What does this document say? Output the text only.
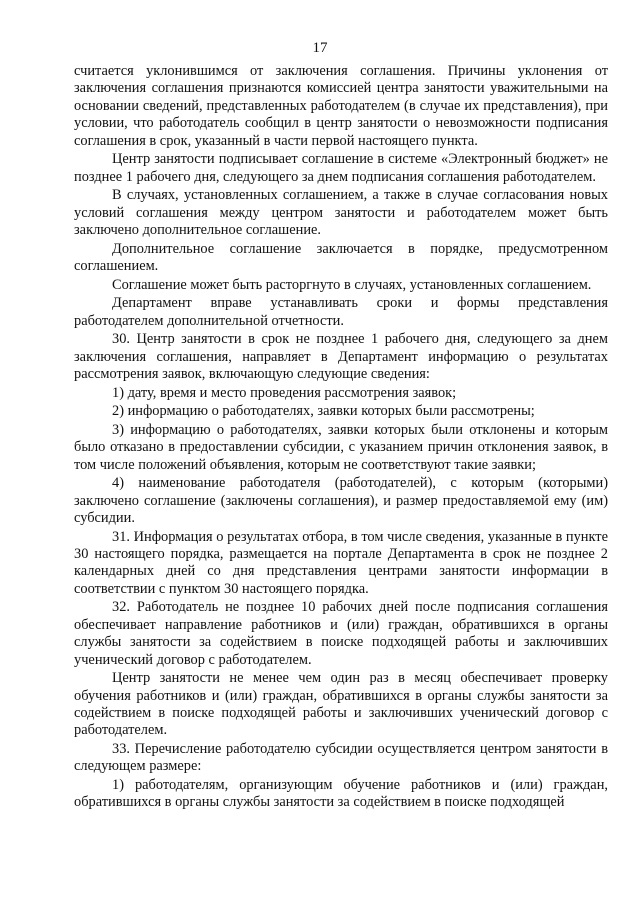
17

считается уклонившимся от заключения соглашения. Причины уклонения от заключения соглашения признаются комиссией центра занятости уважительными на основании сведений, представленных работодателем (в случае их представления), при условии, что работодатель сообщил в центр занятости о невозможности подписания соглашения в срок, указанный в части первой настоящего пункта.

Центр занятости подписывает соглашение в системе «Электронный бюджет» не позднее 1 рабочего дня, следующего за днем подписания соглашения работодателем.

В случаях, установленных соглашением, а также в случае согласования новых условий соглашения между центром занятости и работодателем может быть заключено дополнительное соглашение.

Дополнительное соглашение заключается в порядке, предусмотренном соглашением.

Соглашение может быть расторгнуто в случаях, установленных соглашением.

Департамент вправе устанавливать сроки и формы представления работодателем дополнительной отчетности.

30. Центр занятости в срок не позднее 1 рабочего дня, следующего за днем заключения соглашения, направляет в Департамент информацию о результатах рассмотрения заявок, включающую следующие сведения:

1) дату, время и место проведения рассмотрения заявок;

2) информацию о работодателях, заявки которых были рассмотрены;

3) информацию о работодателях, заявки которых были отклонены и которым было отказано в предоставлении субсидии, с указанием причин отклонения заявок, в том числе положений объявления, которым не соответствуют такие заявки;

4) наименование работодателя (работодателей), с которым (которыми) заключено соглашение (заключены соглашения), и размер предоставляемой ему (им) субсидии.

31. Информация о результатах отбора, в том числе сведения, указанные в пункте 30 настоящего порядка, размещается на портале Департамента в срок не позднее 2 календарных дней со дня представления центрами занятости информации в соответствии с пунктом 30 настоящего порядка.

32. Работодатель не позднее 10 рабочих дней после подписания соглашения обеспечивает направление работников и (или) граждан, обратившихся в органы службы занятости за содействием в поиске подходящей работы и заключивших ученический договор с работодателем.

Центр занятости не менее чем один раз в месяц обеспечивает проверку обучения работников и (или) граждан, обратившихся в органы службы занятости за содействием в поиске подходящей работы и заключивших ученический договор с работодателем.

33. Перечисление работодателю субсидии осуществляется центром занятости в следующем размере:

1) работодателям, организующим обучение работников и (или) граждан, обратившихся в органы службы занятости за содействием в поиске подходящей
